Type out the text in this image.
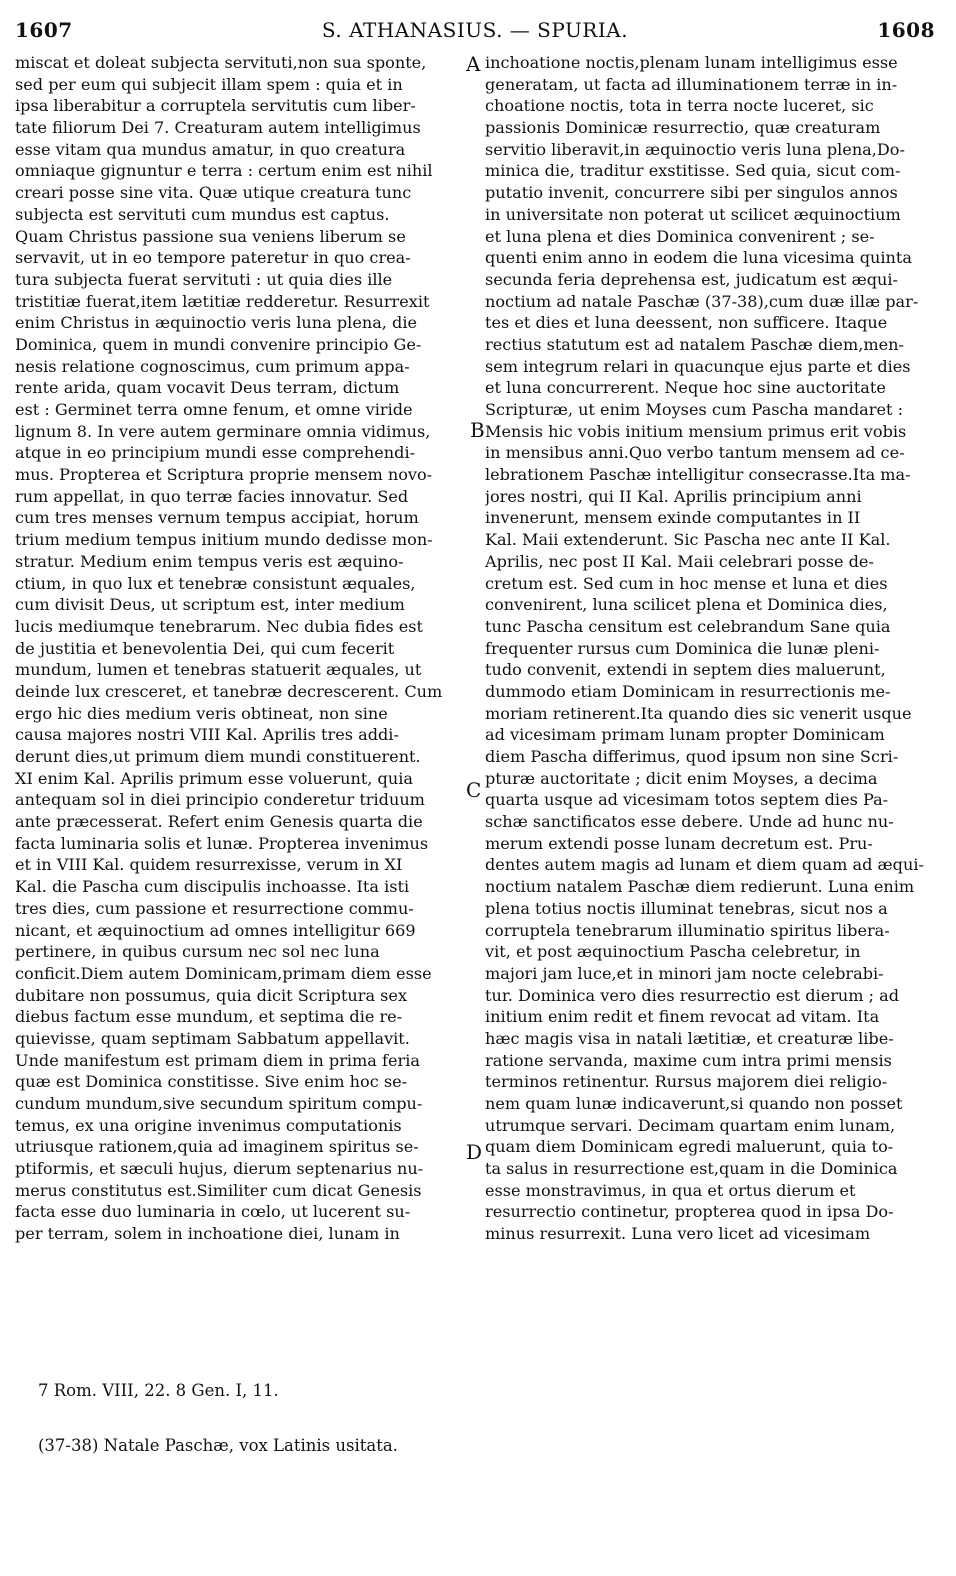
1607	S. ATHANASIUS. — SPURIA.	1608
miscat et doleat subjecta servituti,non sua sponte,
sed per eum qui subjecit illam spem : quia et in
ipsa liberabitur a corruptela servitutis cum liber-
tate filiorum Dei 7. Creaturam autem intelligimus
esse vitam qua mundus amatur, in quo creatura
omniaque gignuntur e terra : certum enim est nihil
creari posse sine vita. Quæ utique creatura tunc
subjecta est servituti cum mundus est captus.
Quam Christus passione sua veniens liberum se
servavit, ut in eo tempore pateretur in quo crea-
tura subjecta fuerat servituti : ut quia dies ille
tristitiæ fuerat,item lætitiæ redderetur. Resurrexit
enim Christus in æquinoctio veris luna plena, die
Dominica, quem in mundi convenire principio Ge-
nesis relatione cognoscimus, cum primum appa-
rente arida, quam vocavit Deus terram, dictum
est : Germinet terra omne fenum, et omne viride
lignum 8. In vere autem germinare omnia vidimus,
atque in eo principium mundi esse comprehendi-
mus. Propterea et Scriptura proprie mensem novo-
rum appellat, in quo terræ facies innovatur. Sed
cum tres menses vernum tempus accipiat, horum
trium medium tempus initium mundo dedisse mon-
stratur. Medium enim tempus veris est æquino-
ctium, in quo lux et tenebræ consistunt æquales,
cum divisit Deus, ut scriptum est, inter medium
lucis mediumque tenebrarum. Nec dubia fides est
de justitia et benevolentia Dei, qui cum fecerit
mundum, lumen et tenebras statuerit æquales, ut
deinde lux cresceret, et tanebræ decrescerent. Cum
ergo hic dies medium veris obtineat, non sine
causa majores nostri VIII Kal. Aprilis tres addi-
derunt dies,ut primum diem mundi constituerent.
XI enim Kal. Aprilis primum esse voluerunt, quia
antequam sol in diei principio conderetur triduum
ante præcesserat. Refert enim Genesis quarta die
facta luminaria solis et lunæ. Propterea invenimus
et in VIII Kal. quidem resurrexisse, verum in XI
Kal. die Pascha cum discipulis inchoasse. Ita isti
tres dies, cum passione et resurrectione commu-
nicant, et æquinoctium ad omnes intelligitur 669
pertinere, in quibus cursum nec sol nec luna
conficit.Diem autem Dominicam,primam diem esse
dubitare non possumus, quia dicit Scriptura sex
diebus factum esse mundum, et septima die re-
quievisse, quam septimam Sabbatum appellavit.
Unde manifestum est primam diem in prima feria
quæ est Dominica constitisse. Sive enim hoc se-
cundum mundum,sive secundum spiritum compu-
temus, ex una origine invenimus computationis
utriusque rationem,quia ad imaginem spiritus se-
ptiformis, et sæculi hujus, dierum septenarius nu-
merus constitutus est.Similiter cum dicat Genesis
facta esse duo luminaria in cœlo, ut lucerent su-
per terram, solem in inchoatione diei, lunam in
inchoatione noctis,plenam lunam intelligimus esse
generatam, ut facta ad illuminationem terræ in in-
choatione noctis, tota in terra nocte luceret, sic
passionis Dominicæ resurrectio, quæ creaturam
servitio liberavit,in æquinoctio veris luna plena,Do-
minica die, traditur exstitisse. Sed quia, sicut com-
putatio invenit, concurrere sibi per singulos annos
in universitate non poterat ut scilicet æquinoctium
et luna plena et dies Dominica convenirent ; se-
quenti enim anno in eodem die luna vicesima quinta
secunda feria deprehensa est, judicatum est æqui-
noctium ad natale Paschæ (37-38),cum duæ illæ par-
tes et dies et luna deessent, non sufficere. Itaque
rectius statutum est ad natalem Paschæ diem,men-
sem integrum relari in quacunque ejus parte et dies
et luna concurrerent. Neque hoc sine auctoritate
Scripturæ, ut enim Moyses cum Pascha mandaret :
Mensis hic vobis initium mensium primus erit vobis
in mensibus anni.Quo verbo tantum mensem ad ce-
lebrationem Paschæ intelligitur consecrasse.Ita ma-
jores nostri, qui II Kal. Aprilis principium anni
invenerunt, mensem exinde computantes in II
Kal. Maii extenderunt. Sic Pascha nec ante II Kal.
Aprilis, nec post II Kal. Maii celebrari posse de-
cretum est. Sed cum in hoc mense et luna et dies
convenirent, luna scilicet plena et Dominica dies,
tunc Pascha censitum est celebrandum Sane quia
frequenter rursus cum Dominica die lunæ pleni-
tudo convenit, extendi in septem dies maluerunt,
dummodo etiam Dominicam in resurrectionis me-
moriam retinerent.Ita quando dies sic venerit usque
ad vicesimam primam lunam propter Dominicam
diem Pascha differimus, quod ipsum non sine Scri-
pturæ auctoritate ; dicit enim Moyses, a decima
quarta usque ad vicesimam totos septem dies Pa-
schæ sanctificatos esse debere. Unde ad hunc nu-
merum extendi posse lunam decretum est. Pru-
dentes autem magis ad lunam et diem quam ad æqui-
noctium natalem Paschæ diem redierunt. Luna enim
plena totius noctis illuminat tenebras, sicut nos a
corruptela tenebrarum illuminatio spiritus libera-
vit, et post æquinoctium Pascha celebretur, in
majori jam luce,et in minori jam nocte celebrabi-
tur. Dominica vero dies resurrectio est dierum ; ad
initium enim redit et finem revocat ad vitam. Ita
hæc magis visa in natali lætitiæ, et creaturæ libe-
ratione servanda, maxime cum intra primi mensis
terminos retinentur. Rursus majorem diei religio-
nem quam lunæ indicaverunt,si quando non posset
utrumque servari. Decimam quartam enim lunam,
quam diem Dominicam egredi maluerunt, quia to-
ta salus in resurrectione est,quam in die Dominica
esse monstravimus, in qua et ortus dierum et
resurrectio continetur, propterea quod in ipsa Do-
minus resurrexit. Luna vero licet ad vicesimam
A
B
C
D
7 Rom. VIII, 22. 8 Gen. I, 11.
(37-38) Natale Paschæ, vox Latinis usitata.
